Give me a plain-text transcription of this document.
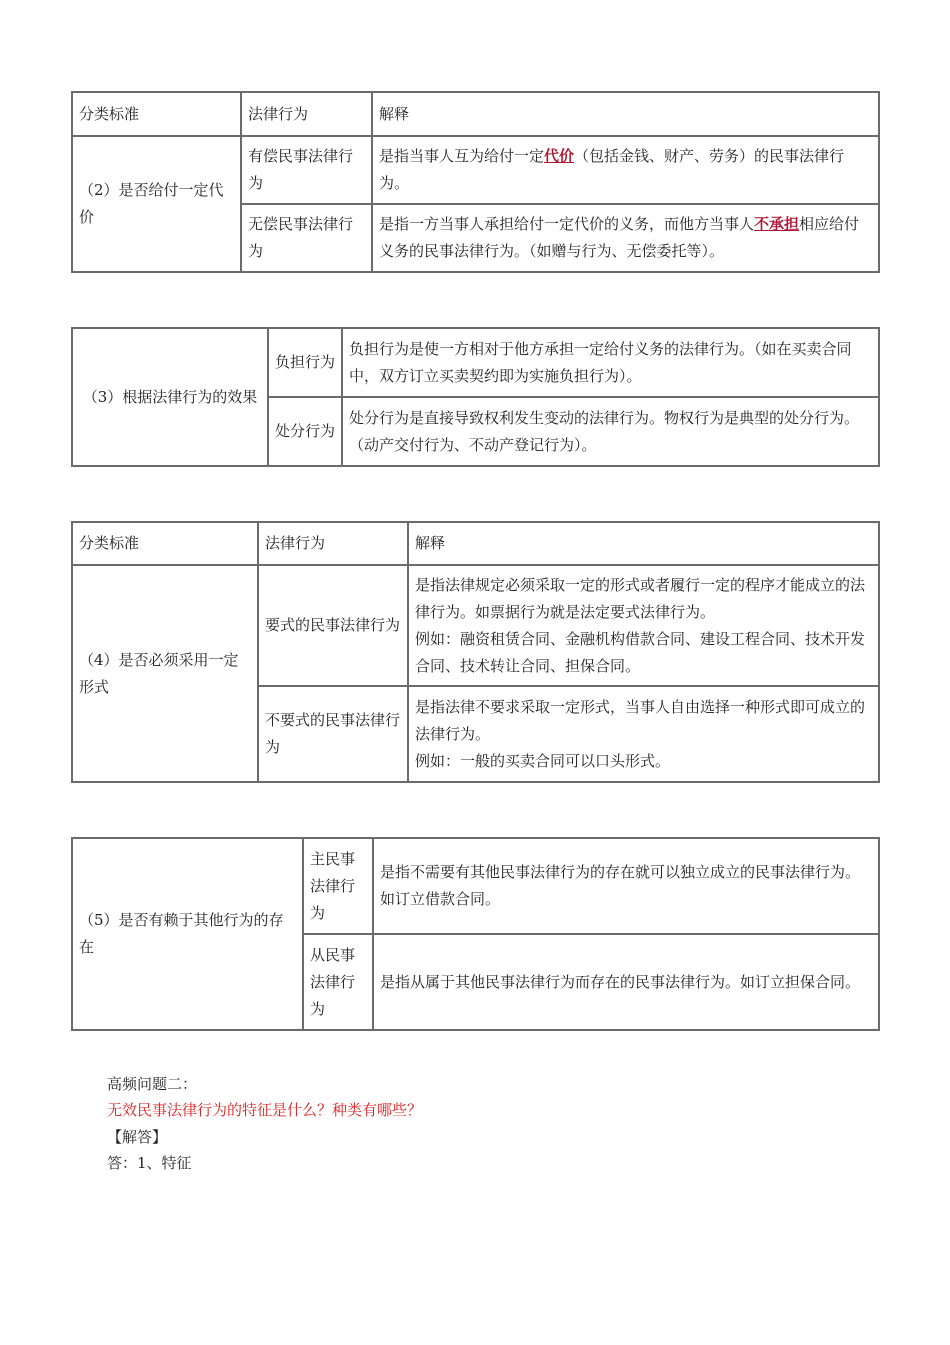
分类标准	法律行为	解释
（2）是否给付一定代价	有偿民事法律行为	是指当事人互为给付一定代价（包括金钱、财产、劳务）的民事法律行为。
	无偿民事法律行为	是指一方当事人承担给付一定代价的义务，而他方当事人不承担相应给付义务的民事法律行为。（如赠与行为、无偿委托等）。
（3）根据法律行为的效果	负担行为	负担行为是使一方相对于他方承担一定给付义务的法律行为。（如在买卖合同中，双方订立买卖契约即为实施负担行为）。
	处分行为	处分行为是直接导致权利发生变动的法律行为。物权行为是典型的处分行为。（动产交付行为、不动产登记行为）。
分类标准	法律行为	解释
（4）是否必须采用一定形式	要式的民事法律行为	是指法律规定必须采取一定的形式或者履行一定的程序才能成立的法律行为。如票据行为就是法定要式法律行为。
例如：融资租赁合同、金融机构借款合同、建设工程合同、技术开发合同、技术转让合同、担保合同。

	不要式的民事法律行为	是指法律不要求采取一定形式，当事人自由选择一种形式即可成立的法律行为。
例如：一般的买卖合同可以口头形式。
（5）是否有赖于其他行为的存在	主民事法律行为	是指不需要有其他民事法律行为的存在就可以独立成立的民事法律行为。如订立借款合同。
	从民事法律行为	是指从属于其他民事法律行为而存在的民事法律行为。如订立担保合同。
高频问题二：
无效民事法律行为的特征是什么？种类有哪些？
【解答】
答：1、特征
